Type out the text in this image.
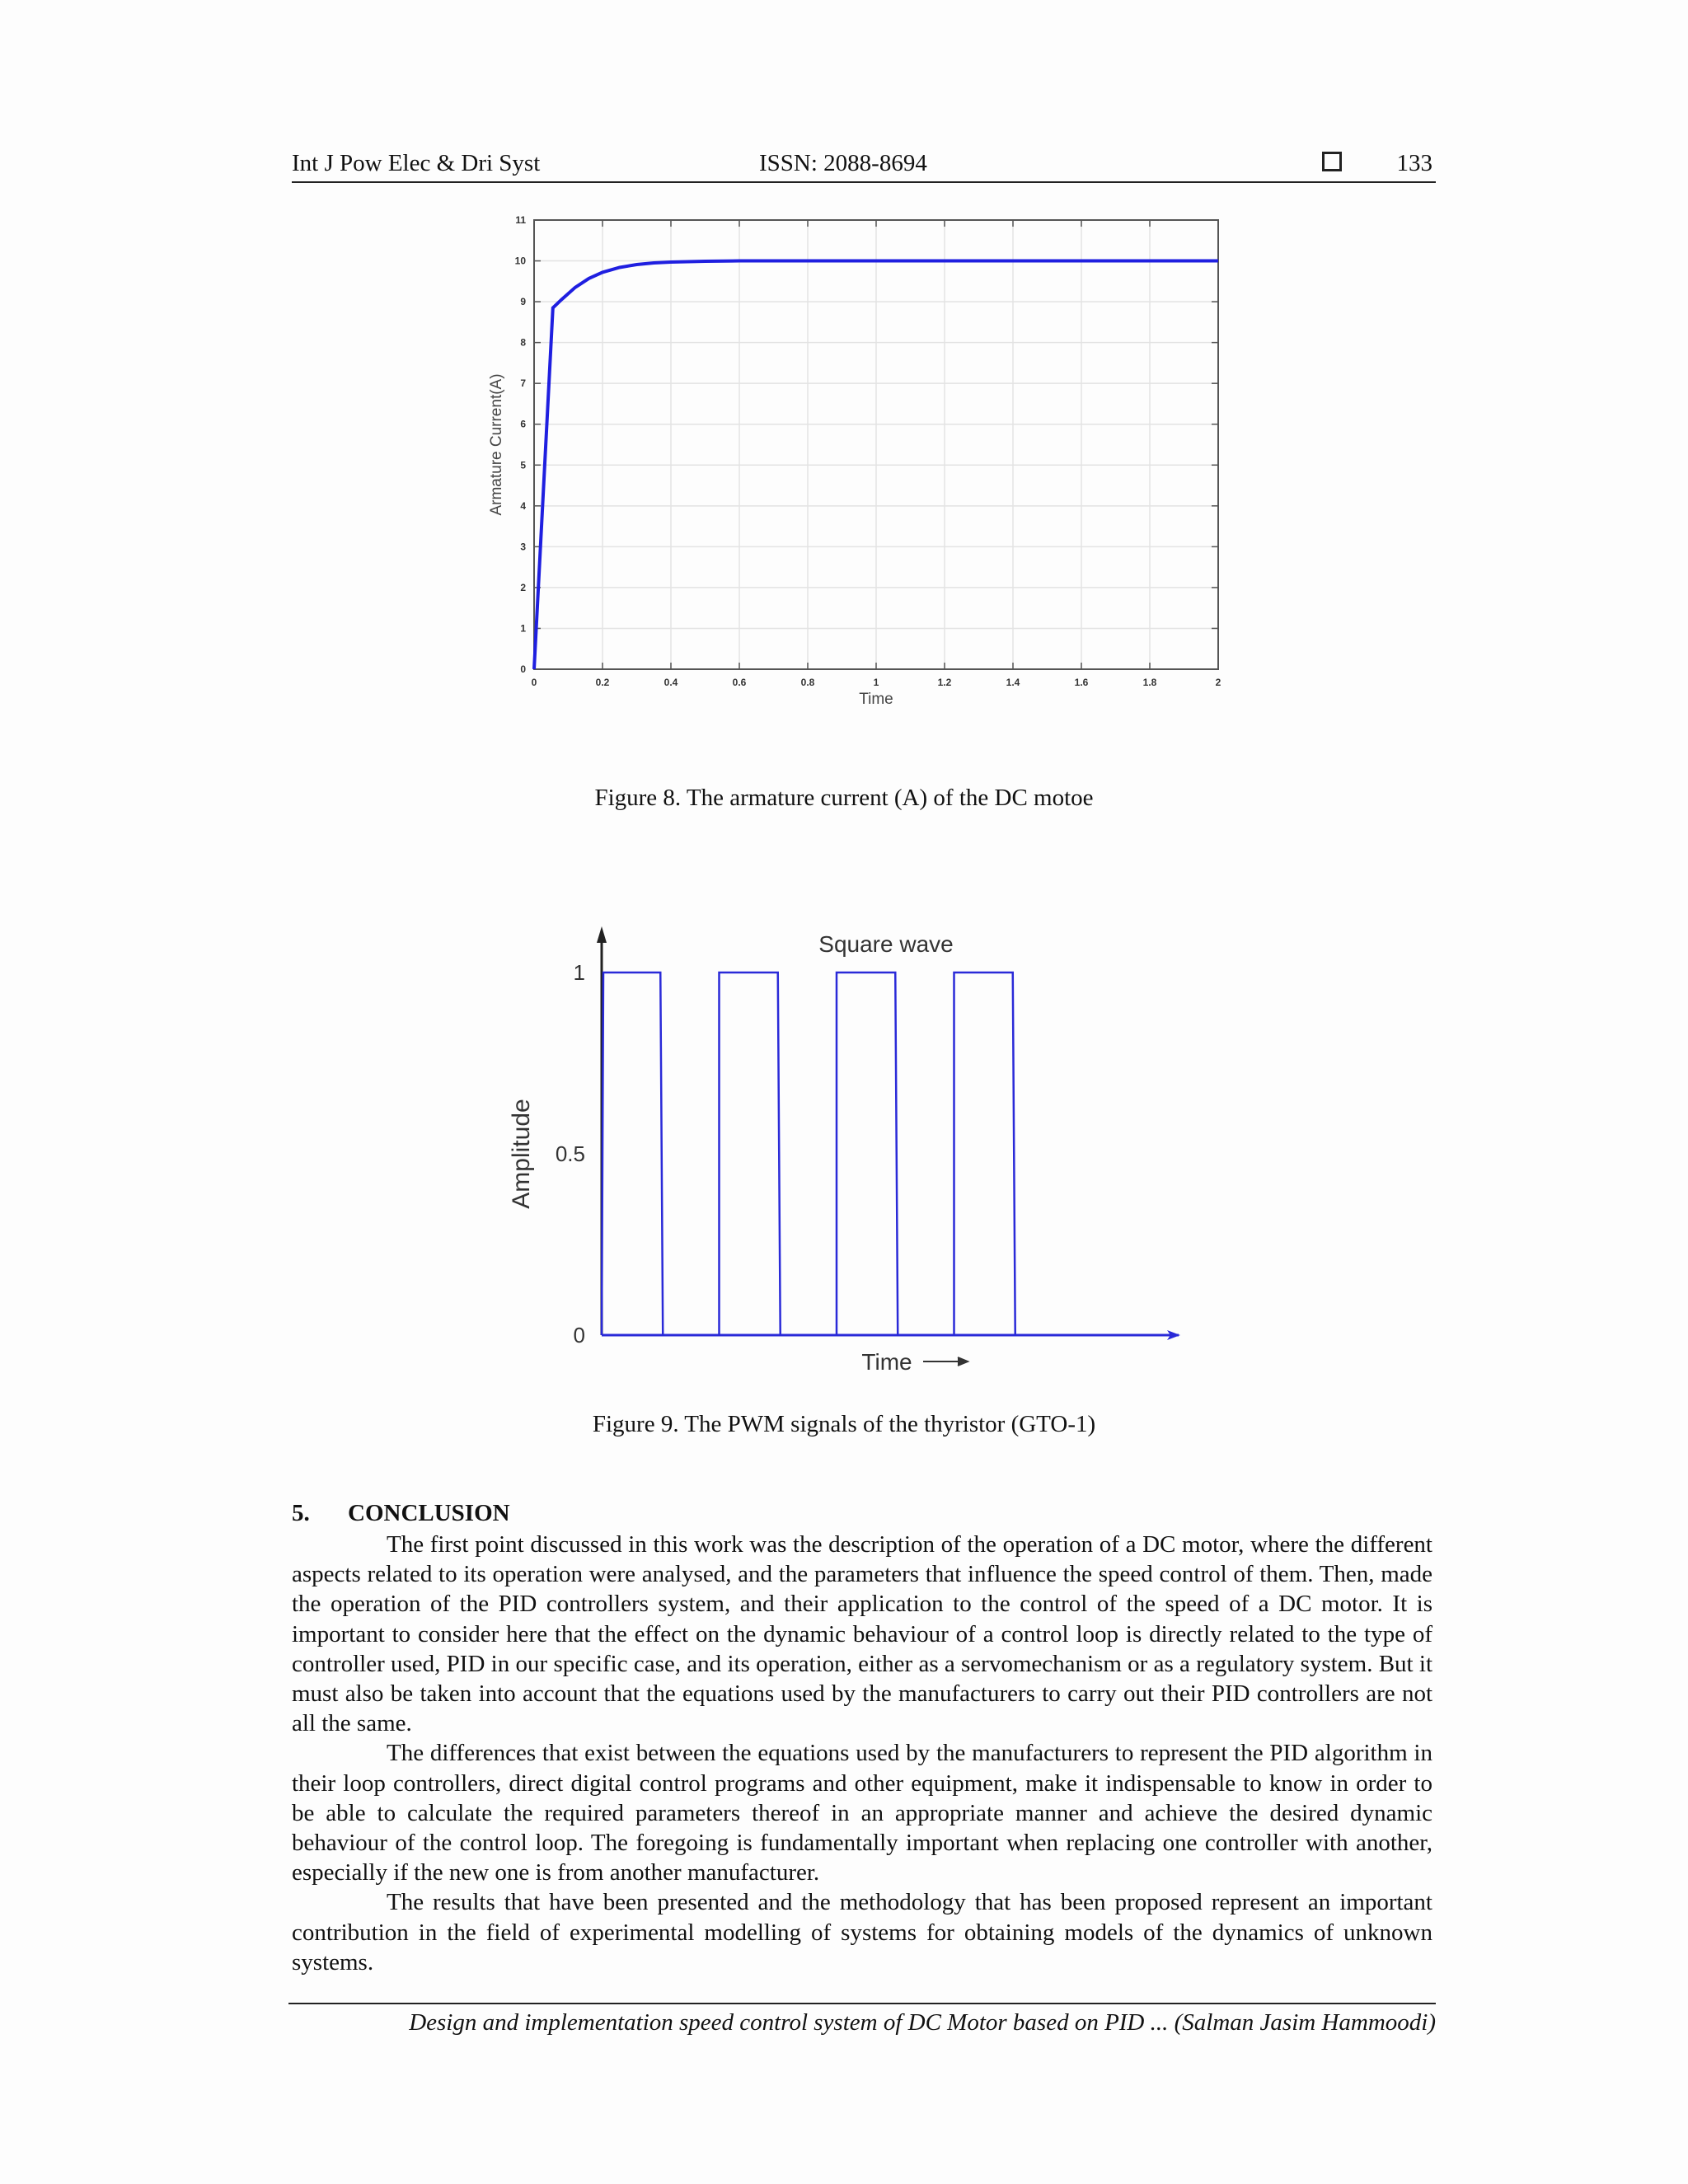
Int J Pow Elec & Dri Syst	ISSN: 2088-8694	133
0	0.2	0.4	0.6	0.8	1	1.2	1.4	1.6	1.8	2
0
1
2
3
4
5
6
7
8
9
10
11
Time
Armature Current(A)
Figure 8. The armature current (A) of the DC motoe
0
0.5
1
Square wave
Time
Amplitude
Figure 9. The PWM signals of the thyristor (GTO-1)
5. CONCLUSION

The first point discussed in this work was the description of the operation of a DC motor, where the different aspects related to its operation were analysed, and the parameters that influence the speed control of them. Then, made the operation of the PID controllers system, and their application to the control of the speed of a DC motor. It is important to consider here that the effect on the dynamic behaviour of a control loop is directly related to the type of controller used, PID in our specific case, and its operation, either as a servomechanism or as a regulatory system. But it must also be taken into account that the equations used by the manufacturers to carry out their PID controllers are not all the same.

The differences that exist between the equations used by the manufacturers to represent the PID algorithm in their loop controllers, direct digital control programs and other equipment, make it indispensable to know in order to be able to calculate the required parameters thereof in an appropriate manner and achieve the desired dynamic behaviour of the control loop. The foregoing is fundamentally important when replacing one controller with another, especially if the new one is from another manufacturer.

The results that have been presented and the methodology that has been proposed represent an important contribution in the field of experimental modelling of systems for obtaining models of the dynamics of unknown systems.

Design and implementation speed control system of DC Motor based on PID ... (Salman Jasim Hammoodi)
